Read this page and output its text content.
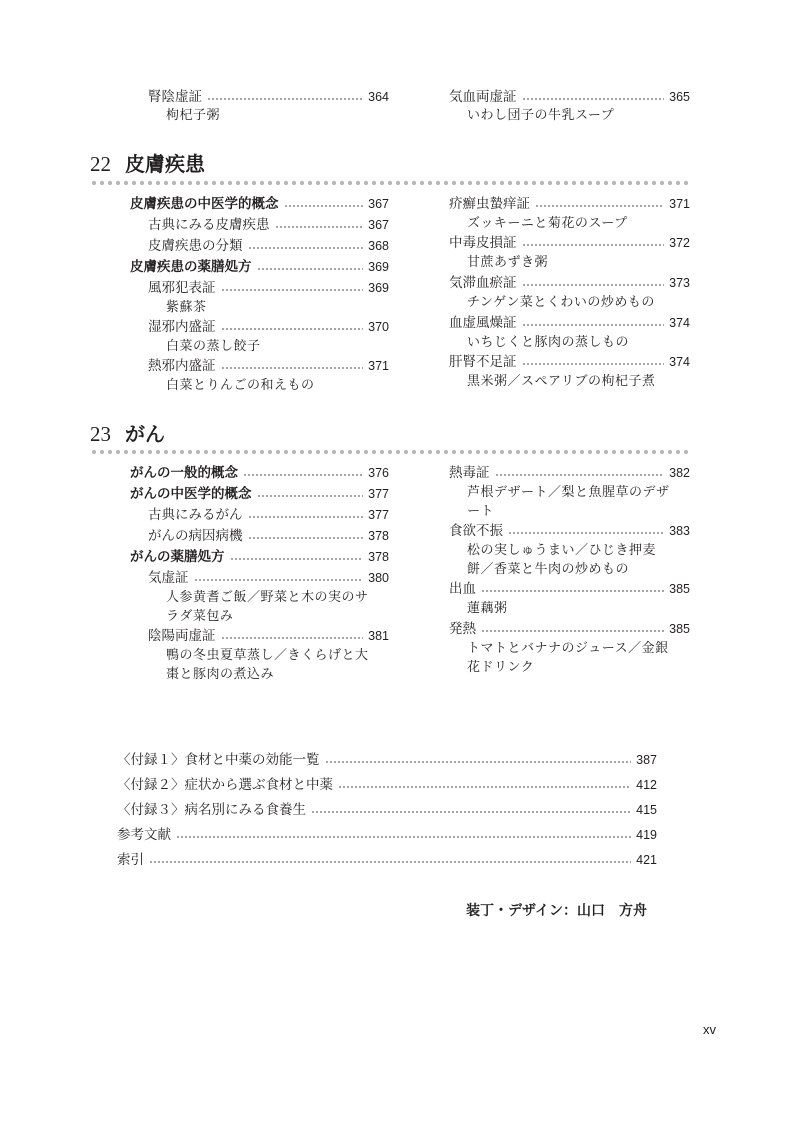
腎陰虚証	364
枸杞子粥
気血両虚証	365
いわし団子の牛乳スープ
22 皮膚疾患
皮膚疾患の中医学的概念	367
古典にみる皮膚疾患	367
皮膚疾患の分類	368
皮膚疾患の薬膳処方	369
風邪犯表証	369
紫蘇茶
湿邪内盛証	370
白菜の蒸し餃子
熱邪内盛証	371
白菜とりんごの和えもの
疥癬虫蟄痒証	371
ズッキーニと菊花のスープ
中毒皮損証	372
甘蔗あずき粥
気滞血瘀証	373
チンゲン菜とくわいの炒めもの
血虚風燥証	374
いちじくと豚肉の蒸しもの
肝腎不足証	374
黒米粥／スペアリブの枸杞子煮
23 がん
がんの一般的概念	376
がんの中医学的概念	377
古典にみるがん	377
がんの病因病機	378
がんの薬膳処方	378
気虚証	380
人参黄耆ご飯／野菜と木の実のサ
ラダ菜包み
陰陽両虚証	381
鴨の冬虫夏草蒸し／きくらげと大
棗と豚肉の煮込み
熱毒証	382
芦根デザート／梨と魚腥草のデザ
ート
食欲不振	383
松の実しゅうまい／ひじき押麦
餅／香菜と牛肉の炒めもの
出血	385
蓮藕粥
発熱	385
トマトとバナナのジュース／金銀
花ドリンク
〈付録１〉食材と中薬の効能一覧	387
〈付録２〉症状から選ぶ食材と中薬	412
〈付録３〉病名別にみる食養生	415
参考文献	419
索引	421
装丁・デザイン：山口　方舟
xv
